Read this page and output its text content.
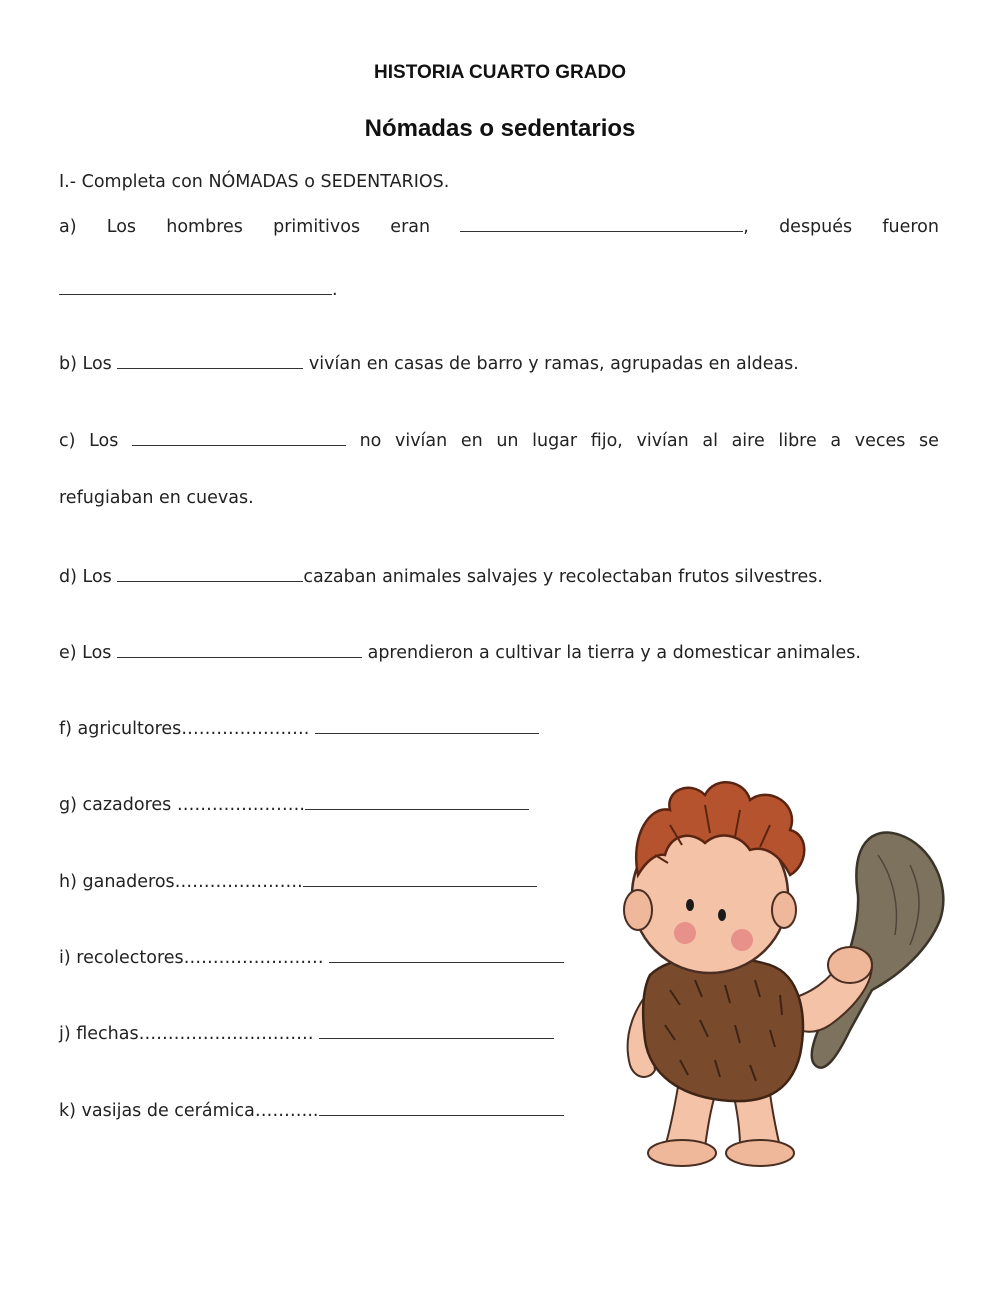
HISTORIA CUARTO GRADO
Nómadas o sedentarios
I.- Completa con NÓMADAS o SEDENTARIOS.
a) Los hombres primitivos eran	, después fueron
.
b) Los	vivían en casas de barro y ramas, agrupadas en aldeas.
c) Los	no vivían en un lugar fijo, vivían al aire libre a veces se
refugiaban en cuevas.
d) Los	cazaban animales salvajes y recolectaban frutos silvestres.
e) Los	aprendieron a cultivar la tierra y a domesticar animales.
f) agricultores………………….
g) cazadores ………………….
h) ganaderos………………….
i) recolectores……………………
j) flechas…………………………
k) vasijas de cerámica………..
